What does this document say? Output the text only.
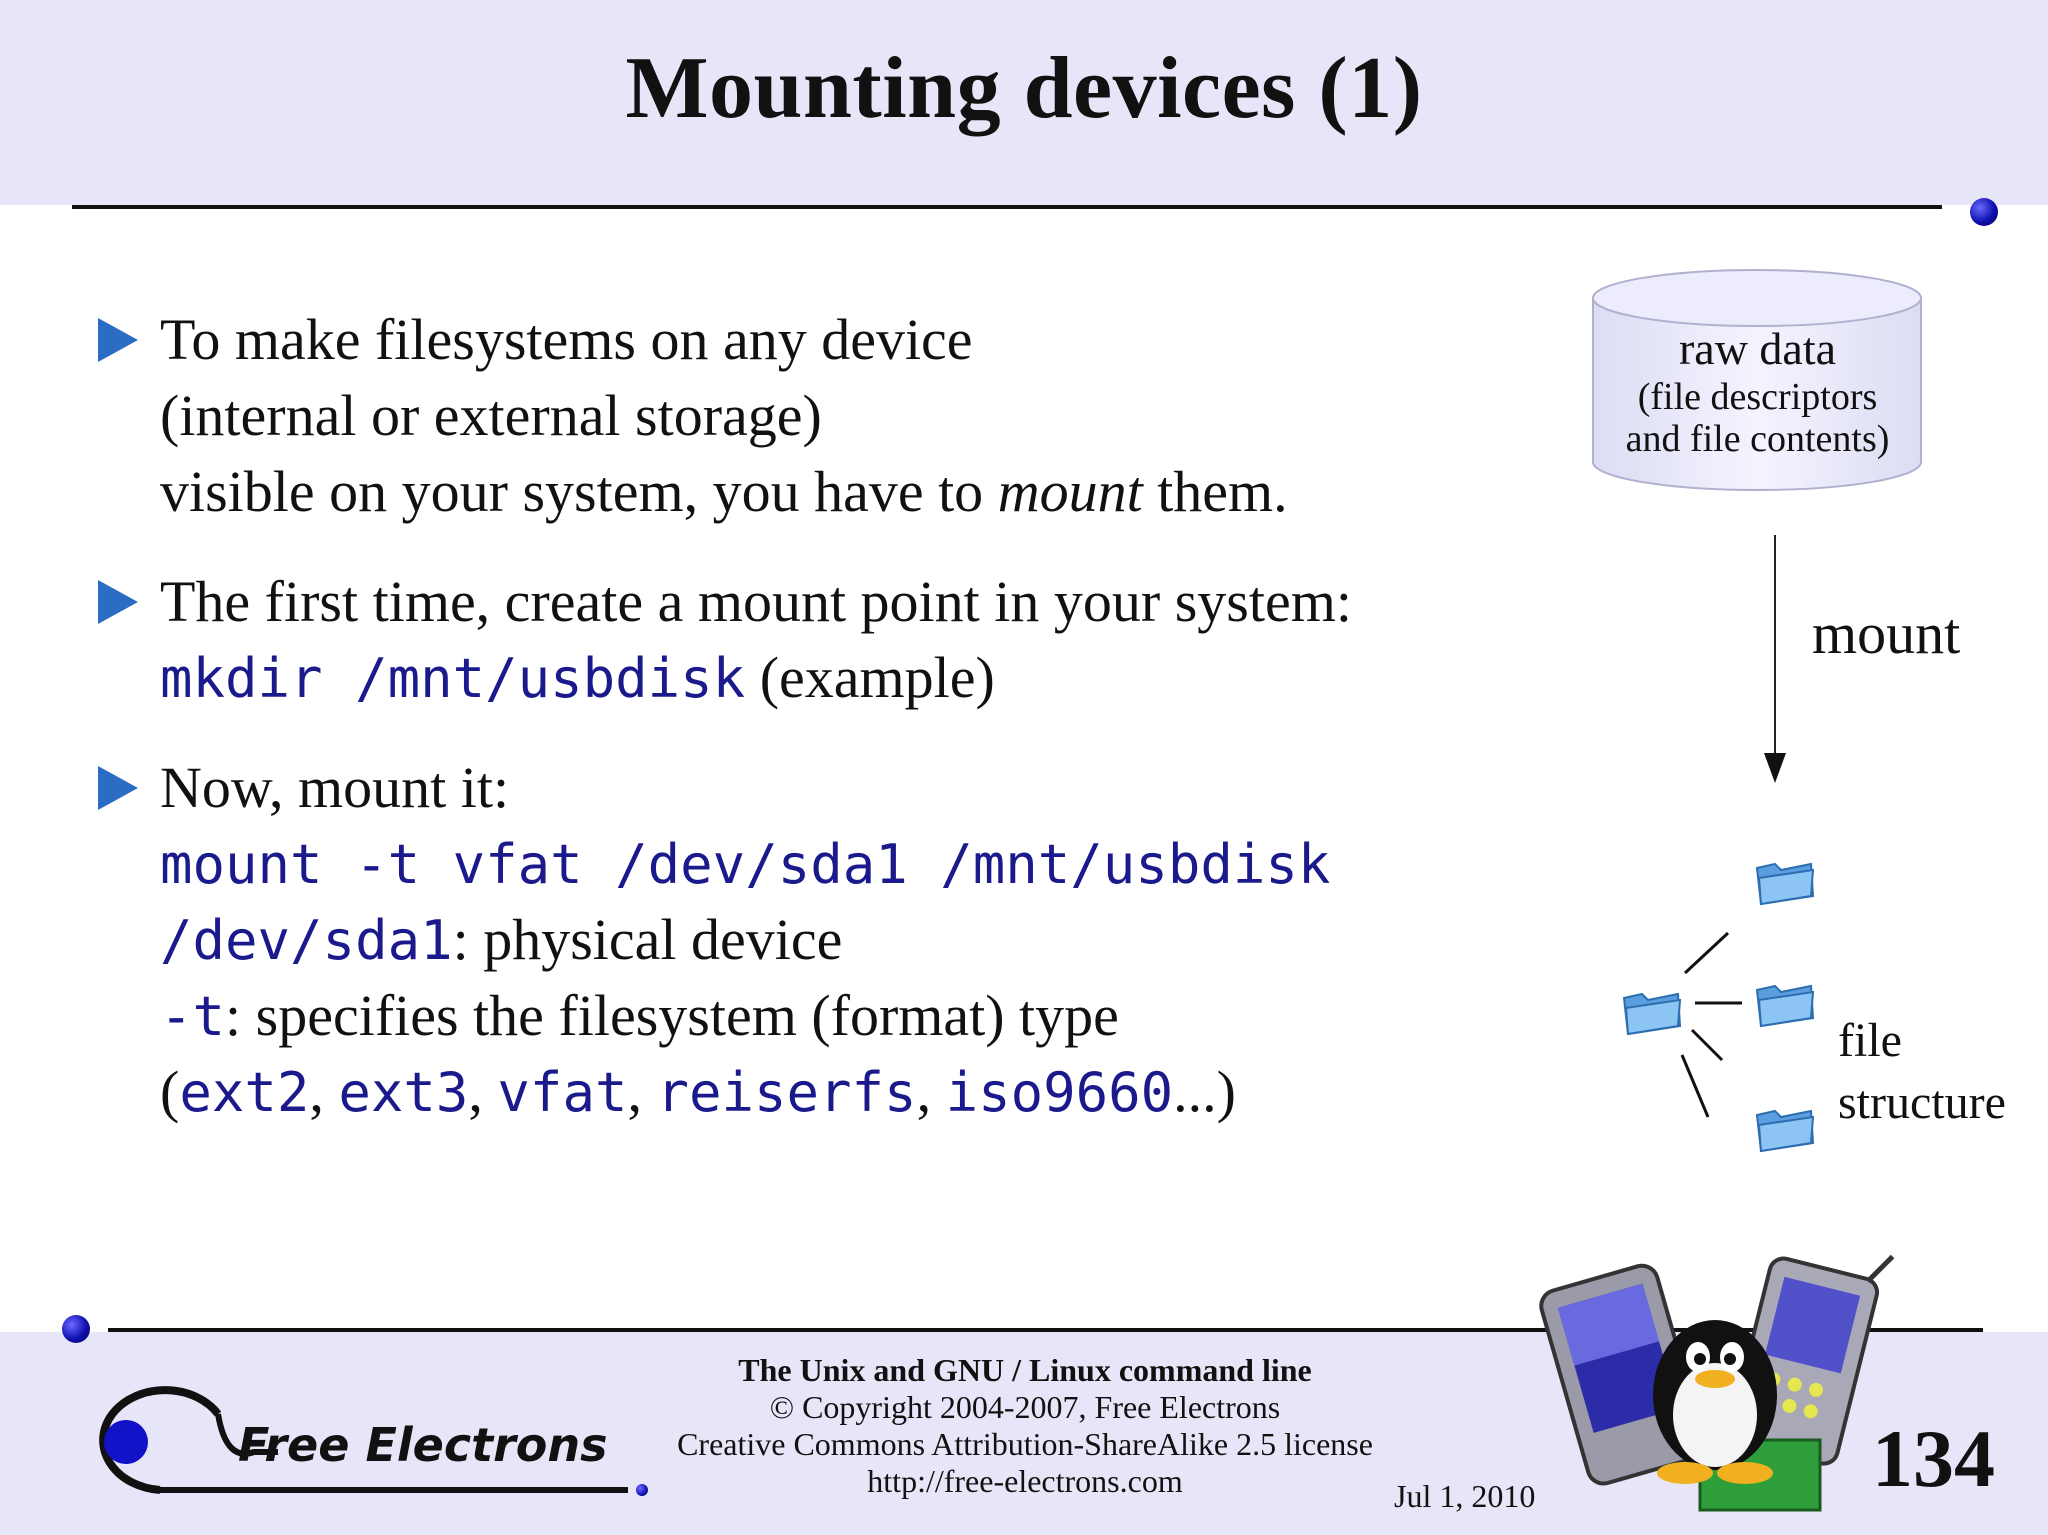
Mounting devices (1)
To make filesystems on any device
(internal or external storage)
visible on your system, you have to mount them.
The first time, create a mount point in your system:
mkdir /mnt/usbdisk (example)
Now, mount it:
mount -t vfat /dev/sda1 /mnt/usbdisk
/dev/sda1: physical device
-t: specifies the filesystem (format) type
(ext2, ext3, vfat, reiserfs, iso9660...)
raw data
(file descriptors
and file contents)
mount
file
structure
Free Electrons
The Unix and GNU / Linux command line
© Copyright 2004-2007, Free Electrons
Creative Commons Attribution-ShareAlike 2.5 license
http://free-electrons.com	Jul 1, 2010	134
